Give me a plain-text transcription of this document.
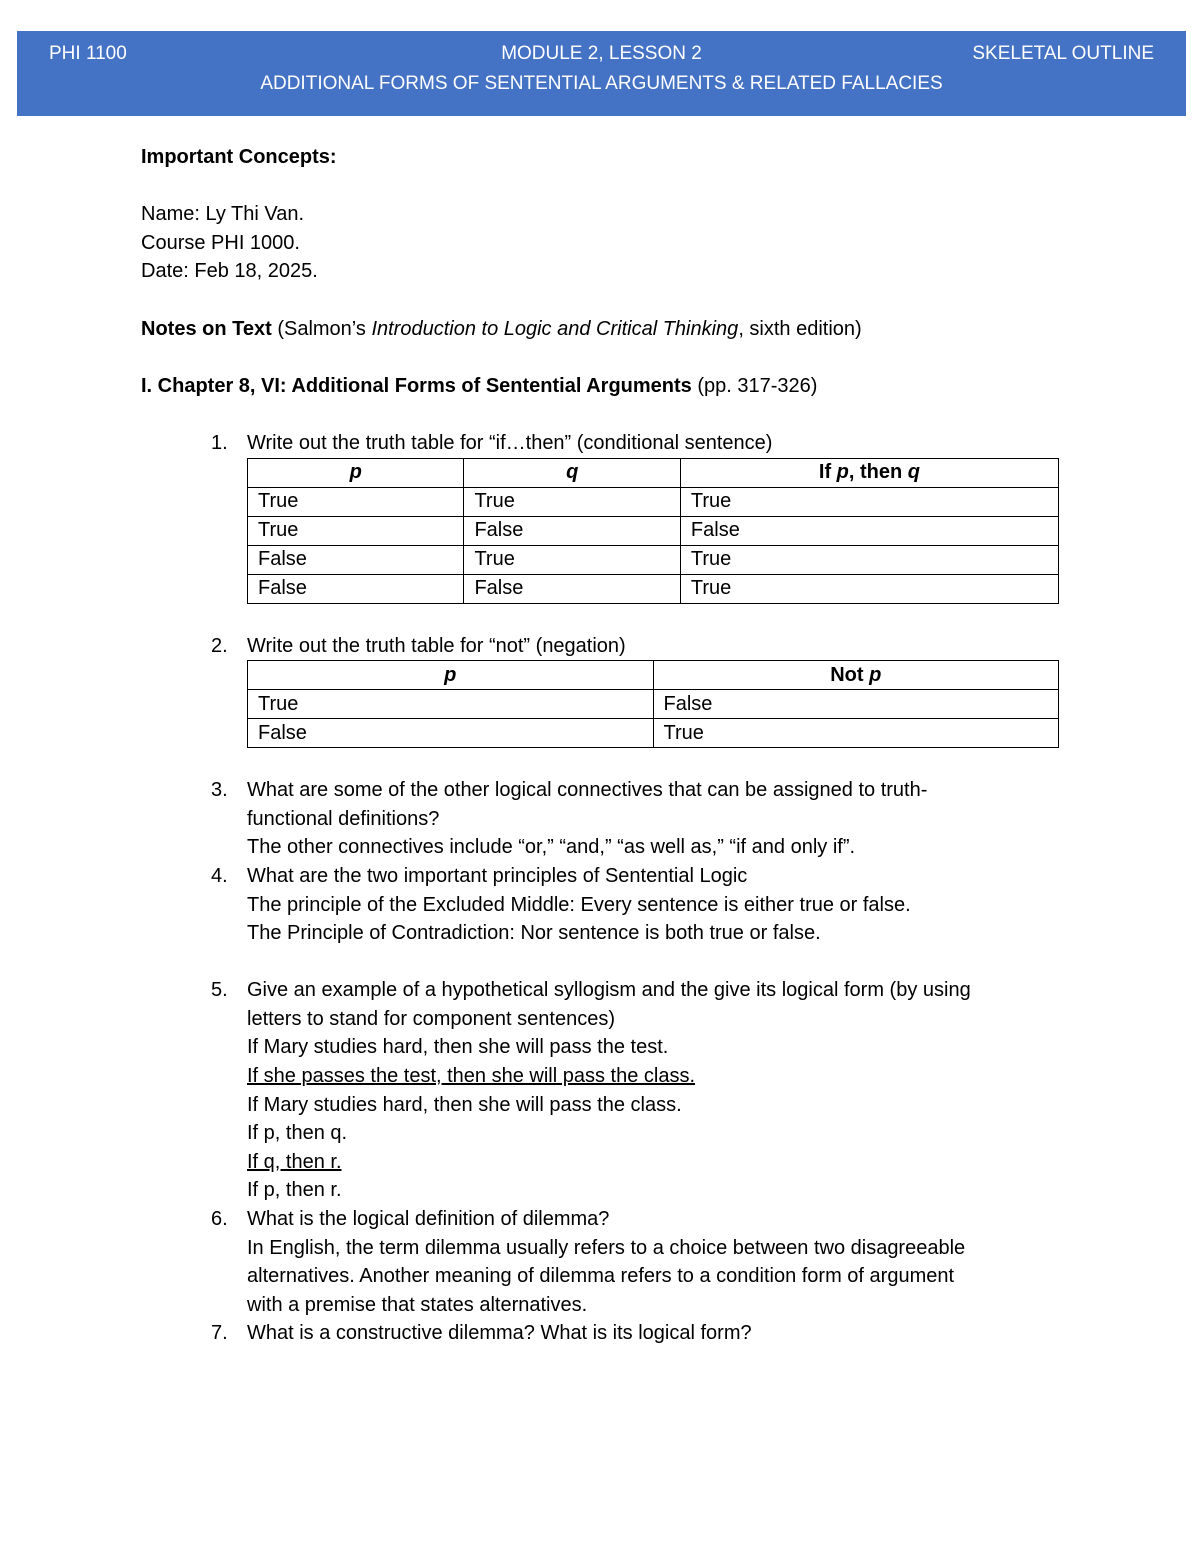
PHI 1100	MODULE 2, LESSON 2	SKELETAL OUTLINE
ADDITIONAL FORMS OF SENTENTIAL ARGUMENTS & RELATED FALLACIES
Important Concepts:
Name: Ly Thi Van.
Course PHI 1000.
Date: Feb 18, 2025.
Notes on Text (Salmon’s Introduction to Logic and Critical Thinking, sixth edition)
I. Chapter 8, VI: Additional Forms of Sentential Arguments (pp. 317-326)
1. Write out the truth table for “if…then” (conditional sentence)
p	q	If p, then q
True	True	True
True	False	False
False	True	True
False	False	True
2. Write out the truth table for “not” (negation)
p	Not p
True	False
False	True
3. What are some of the other logical connectives that can be assigned to truth-
functional definitions?
The other connectives include “or,” “and,” “as well as,” “if and only if”.
4. What are the two important principles of Sentential Logic
The principle of the Excluded Middle: Every sentence is either true or false.
The Principle of Contradiction: Nor sentence is both true or false.
5. Give an example of a hypothetical syllogism and the give its logical form (by using
letters to stand for component sentences)
If Mary studies hard, then she will pass the test.
If she passes the test, then she will pass the class.
If Mary studies hard, then she will pass the class.
If p, then q.
If q, then r.
If p, then r.
6. What is the logical definition of dilemma?
In English, the term dilemma usually refers to a choice between two disagreeable
alternatives. Another meaning of dilemma refers to a condition form of argument
with a premise that states alternatives.
7. What is a constructive dilemma? What is its logical form?
